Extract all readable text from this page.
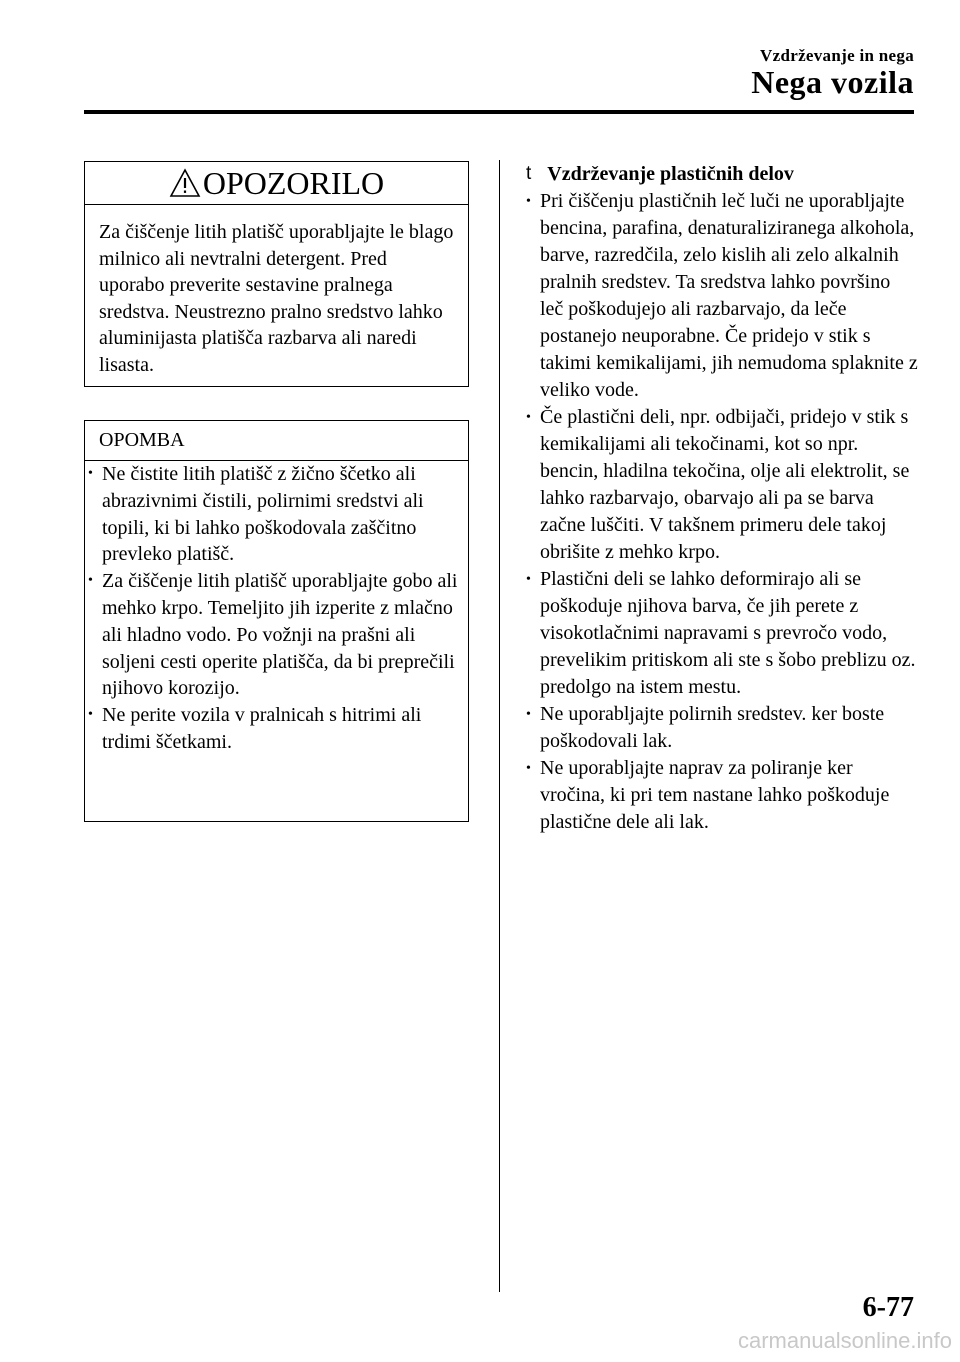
Vzdrževanje in nega
Nega vozila
OPOZORILO
Za čiščenje litih platišč uporabljajte le blago milnico ali nevtralni detergent. Pred uporabo preverite sestavine pralnega sredstva. Neustrezno pralno sredstvo lahko aluminijasta platišča razbarva ali naredi lisasta.
OPOMBA
• Ne čistite litih platišč z žično ščetko ali abrazivnimi čistili, polirnimi sredstvi ali topili, ki bi lahko poškodovala zaščitno prevleko platišč.
• Za čiščenje litih platišč uporabljajte gobo ali mehko krpo. Temeljito jih izperite z mlačno ali hladno vodo. Po vožnji na prašni ali soljeni cesti operite platišča, da bi preprečili njihovo korozijo.
• Ne perite vozila v pralnicah s hitrimi ali trdimi ščetkami.
t Vzdrževanje plastičnih delov
• Pri čiščenju plastičnih leč luči ne uporabljajte bencina, parafina, denaturaliziranega alkohola, barve, razredčila, zelo kislih ali zelo alkalnih pralnih sredstev. Ta sredstva lahko površino leč poškodujejo ali razbarvajo, da leče postanejo neuporabne. Če pridejo v stik s takimi kemikalijami, jih nemudoma splaknite z veliko vode.
• Če plastični deli, npr. odbijači, pridejo v stik s kemikalijami ali tekočinami, kot so npr. bencin, hladilna tekočina, olje ali elektrolit, se lahko razbarvajo, obarvajo ali pa se barva začne luščiti. V takšnem primeru dele takoj obrišite z mehko krpo.
• Plastični deli se lahko deformirajo ali se poškoduje njihova barva, če jih perete z visokotlačnimi napravami s prevročo vodo, prevelikim pritiskom ali ste s šobo preblizu oz. predolgo na istem mestu.
• Ne uporabljajte polirnih sredstev. ker boste poškodovali lak.
• Ne uporabljajte naprav za poliranje ker vročina, ki pri tem nastane lahko poškoduje plastične dele ali lak.
6-77
carmanualsonline.info
